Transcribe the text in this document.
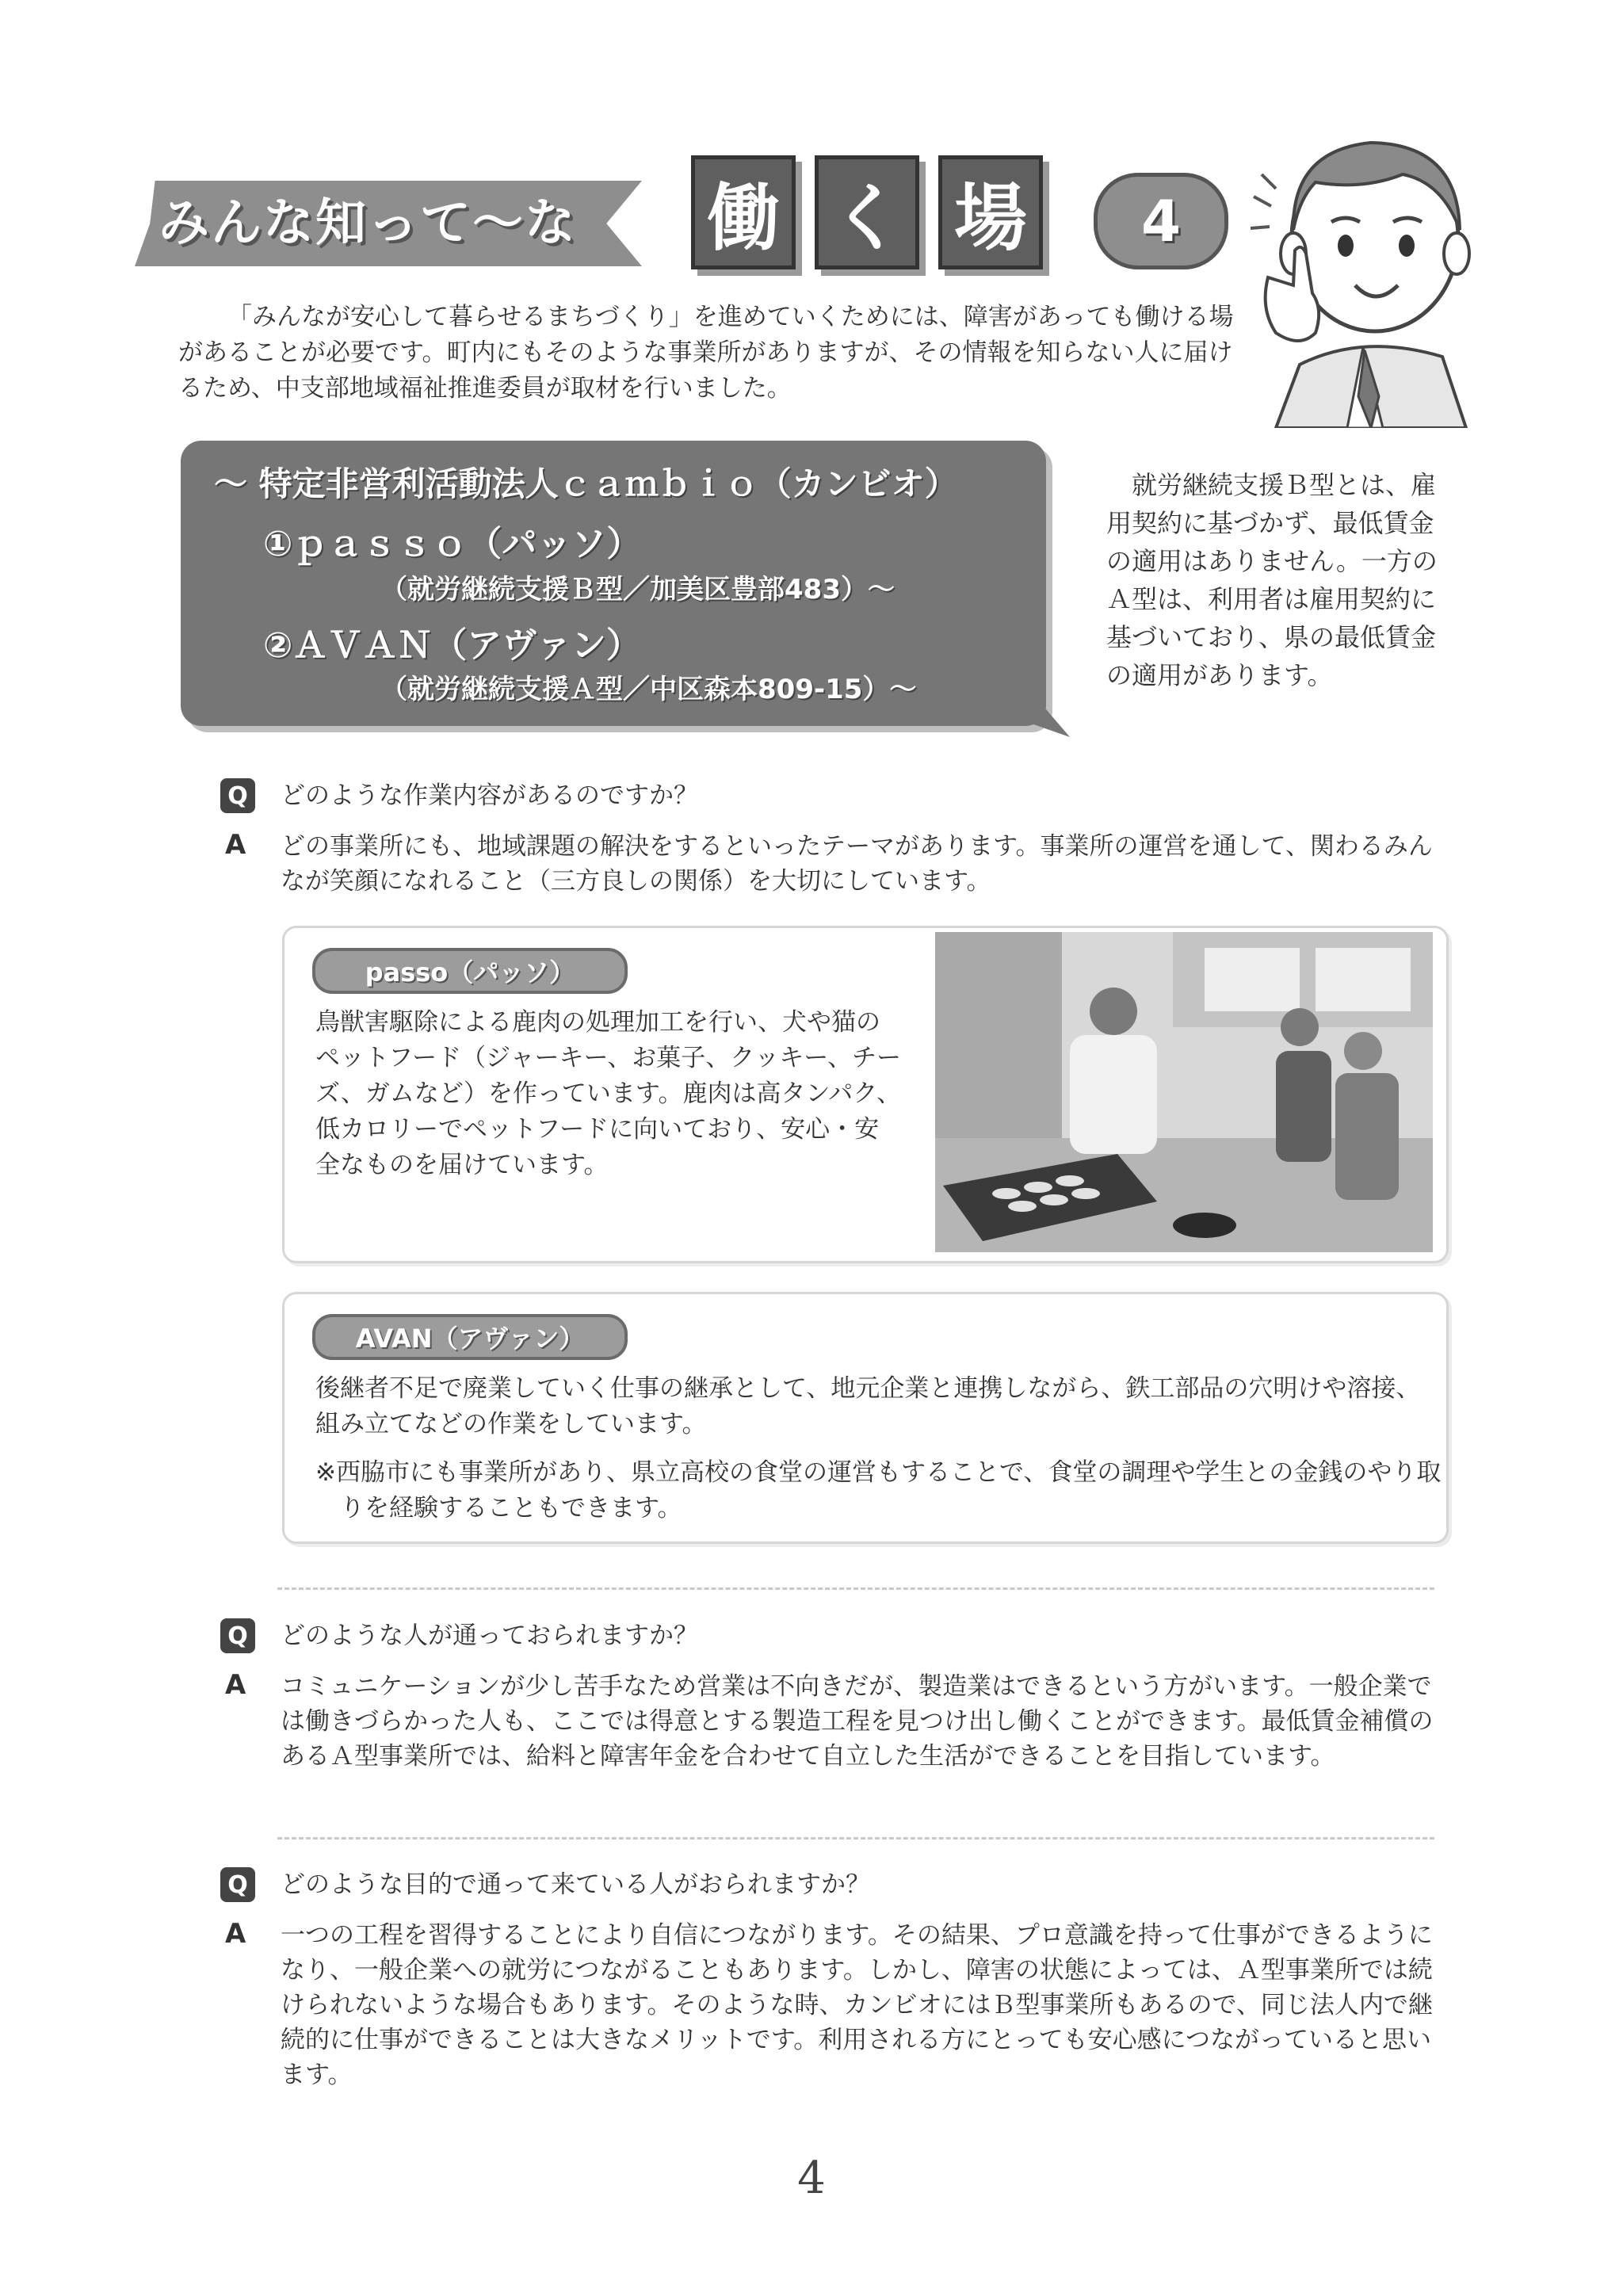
みんな知って～な 働 く 場	4
「みんなが安心して暮らせるまちづくり」を進めていくためには、障害があっても働ける場があることが必要です。町内にもそのような事業所がありますが、その情報を知らない人に届けるため、中支部地域福祉推進委員が取材を行いました。
～ 特定非営利活動法人ｃａｍｂｉｏ（カンビオ）
①ｐａｓｓｏ（パッソ）
（就労継続支援Ｂ型／加美区豊部483）～
②ＡＶＡＮ（アヴァン）
（就労継続支援Ａ型／中区森本809-15）～
就労継続支援Ｂ型とは、雇用契約に基づかず、最低賃金の適用はありません。一方のＡ型は、利用者は雇用契約に基づいており、県の最低賃金の適用があります。
Q どのような作業内容があるのですか？
A どの事業所にも、地域課題の解決をするといったテーマがあります。事業所の運営を通して、関わるみんなが笑顔になれること（三方良しの関係）を大切にしています。
passo（パッソ）
鳥獣害駆除による鹿肉の処理加工を行い、犬や猫のペットフード（ジャーキー、お菓子、クッキー、チーズ、ガムなど）を作っています。鹿肉は高タンパク、低カロリーでペットフードに向いており、安心・安全なものを届けています。
AVAN（アヴァン）
後継者不足で廃業していく仕事の継承として、地元企業と連携しながら、鉄工部品の穴明けや溶接、組み立てなどの作業をしています。
※西脇市にも事業所があり、県立高校の食堂の運営もすることで、食堂の調理や学生との金銭のやり取りを経験することもできます。
Q どのような人が通っておられますか？
A コミュニケーションが少し苦手なため営業は不向きだが、製造業はできるという方がいます。一般企業では働きづらかった人も、ここでは得意とする製造工程を見つけ出し働くことができます。最低賃金補償のあるＡ型事業所では、給料と障害年金を合わせて自立した生活ができることを目指しています。
Q どのような目的で通って来ている人がおられますか？
A 一つの工程を習得することにより自信につながります。その結果、プロ意識を持って仕事ができるようになり、一般企業への就労につながることもあります。しかし、障害の状態によっては、Ａ型事業所では続けられないような場合もあります。そのような時、カンビオにはＢ型事業所もあるので、同じ法人内で継続的に仕事ができることは大きなメリットです。利用される方にとっても安心感につながっていると思います。
4
